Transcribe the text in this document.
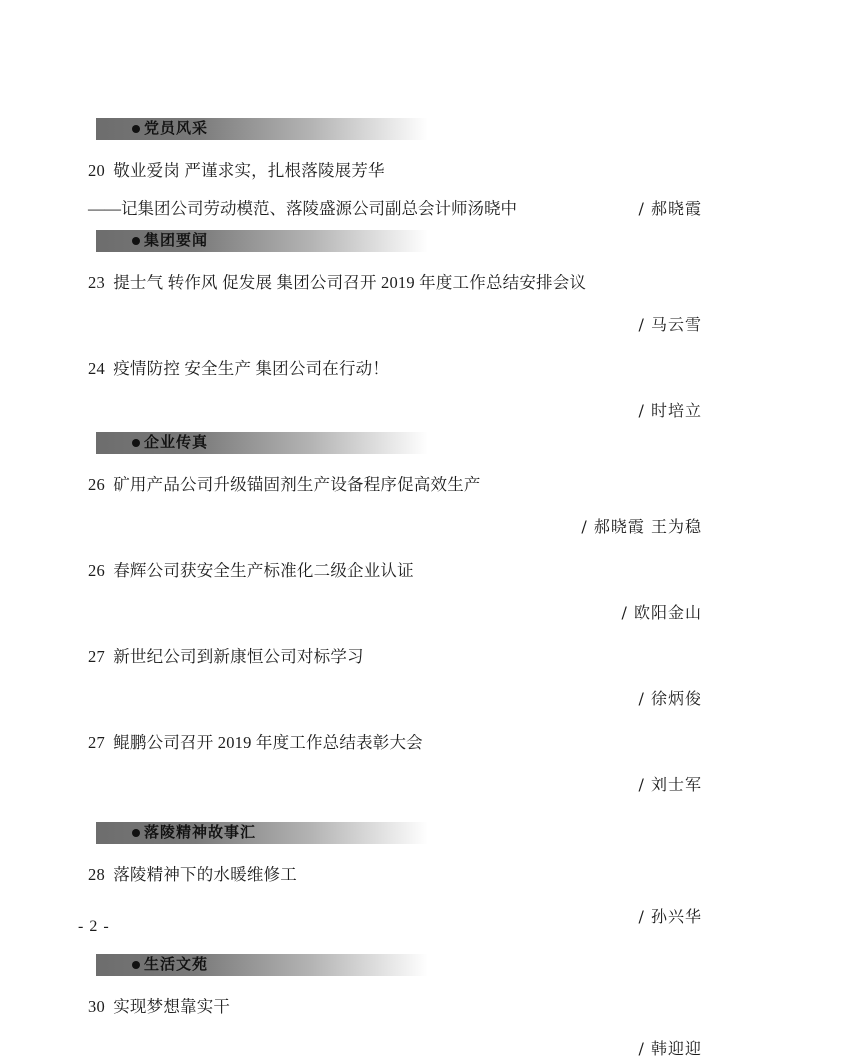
党员风采
20 敬业爱岗 严谨求实，扎根落陵展芳华
——记集团公司劳动模范、落陵盛源公司副总会计师汤晓中	/ 郝晓霞
集团要闻
23 提士气 转作风 促发展 集团公司召开 2019 年度工作总结安排会议
/ 马云雪
24 疫情防控 安全生产 集团公司在行动！
/ 时培立
企业传真
26 矿用产品公司升级锚固剂生产设备程序促高效生产
/ 郝晓霞 王为稳
26 春辉公司获安全生产标准化二级企业认证
/ 欧阳金山
27 新世纪公司到新康恒公司对标学习
/ 徐炳俊
27 鲲鹏公司召开 2019 年度工作总结表彰大会
/ 刘士军
落陵精神故事汇
28 落陵精神下的水暖维修工
/ 孙兴华
生活文苑
30 实现梦想靠实干
/ 韩迎迎
- 2 -
